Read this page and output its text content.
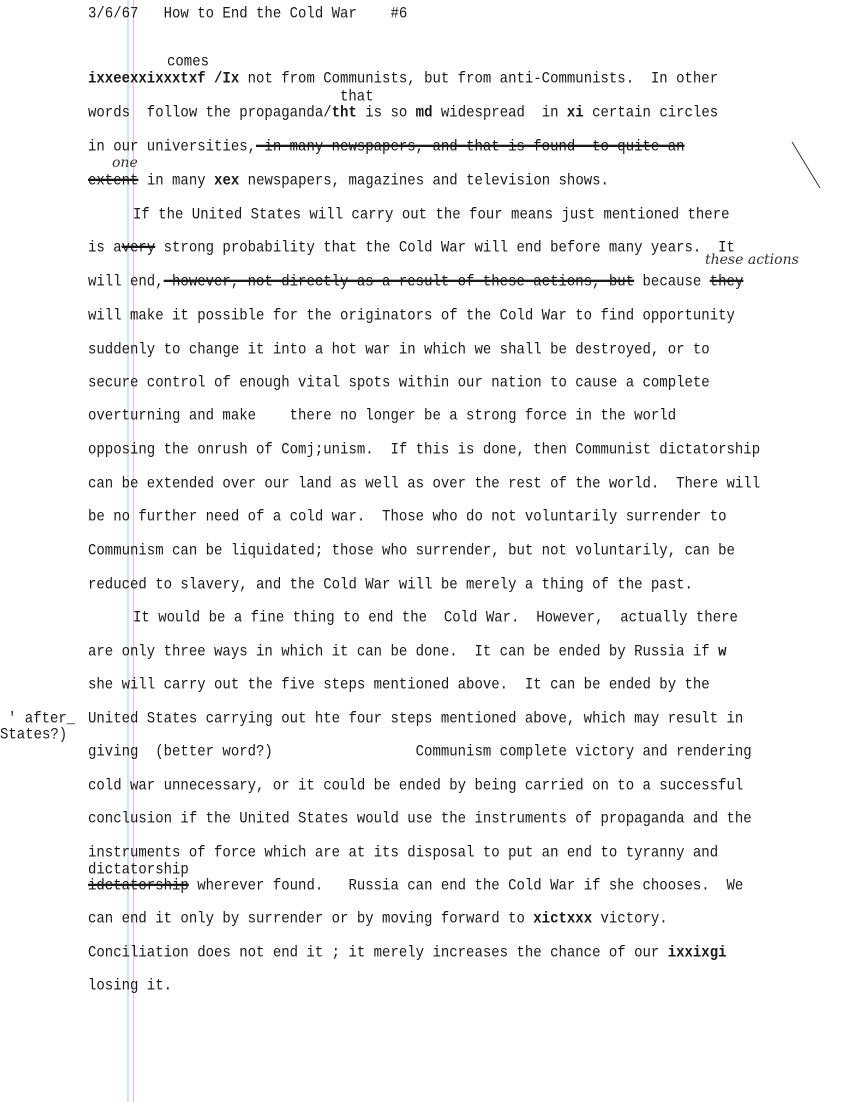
3/6/67   How to End the Cold War    #6
comes
ixxeexxixxxtxf /Ix not from Communists, but from anti-Communists.  In other
that
words  follow the propaganda/tht is so md widespread  in xi certain circles
in our universities, in many newspapers, and that is found  to quite an
extent in many xex newspapers, magazines and television shows.
If the United States will carry out the four means just mentioned there
is avery strong probability that the Cold War will end before many years.  It
will end, however, not directly as a result of these actions, but because they
will make it possible for the originators of the Cold War to find opportunity
suddenly to change it into a hot war in which we shall be destroyed, or to
secure control of enough vital spots within our nation to cause a complete
overturning and make    there no longer be a strong force in the world
opposing the onrush of Comj;unism.  If this is done, then Communist dictatorship
can be extended over our land as well as over the rest of the world.  There will
be no further need of a cold war.  Those who do not voluntarily surrender to
Communism can be liquidated; those who surrender, but not voluntarily, can be
reduced to slavery, and the Cold War will be merely a thing of the past.
It would be a fine thing to end the  Cold War.  However,  actually there
are only three ways in which it can be done.  It can be ended by Russia if w
she will carry out the five steps mentioned above.  It can be ended by the
' after_
States?)
United States carrying out hte four steps mentioned above, which may result in
giving  (better word?)                 Communism complete victory and rendering
cold war unnecessary, or it could be ended by being carried on to a successful
conclusion if the United States would use the instruments of propaganda and the
instruments of force which are at its disposal to put an end to tyranny and
dictatorship
idctatorship wherever found.   Russia can end the Cold War if she chooses.  We
can end it only by surrender or by moving forward to xictxxx victory.
Conciliation does not end it ; it merely increases the chance of our ixxixgi
losing it.
one
these actions
